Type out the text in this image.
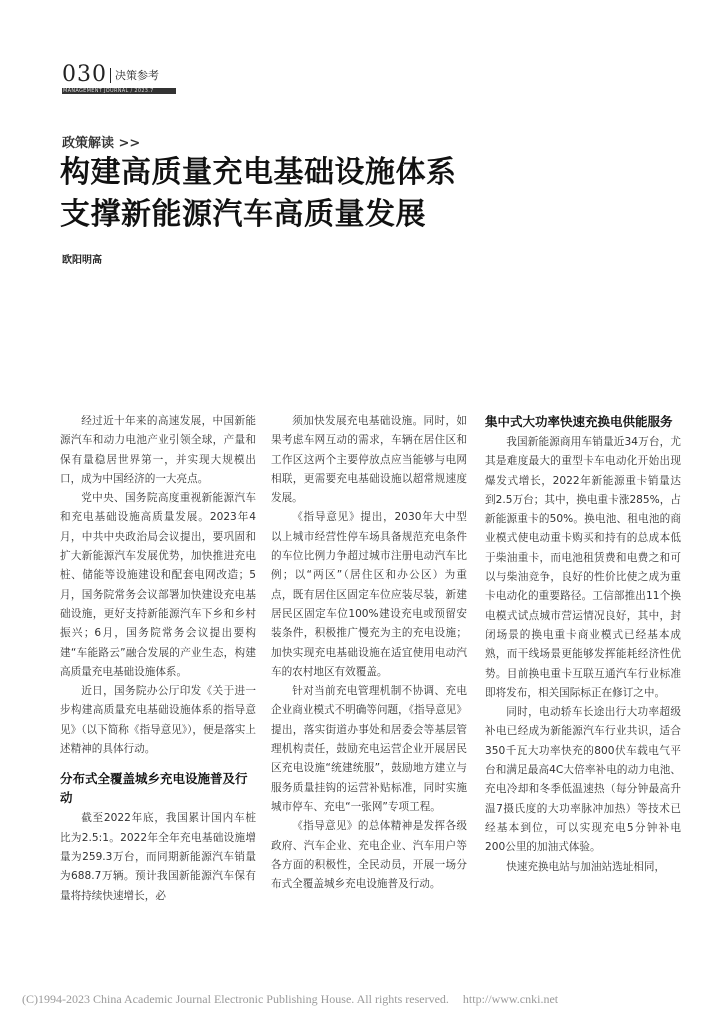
030 决策参考
MANAGEMENT JOURNAL / 2023.7
政策解读 >>
构建高质量充电基础设施体系
支撑新能源汽车高质量发展
欧阳明高

经过近十年来的高速发展，中国新能源汽车和动力电池产业引领全球，产量和保有量稳居世界第一，并实现大规模出口，成为中国经济的一大亮点。

党中央、国务院高度重视新能源汽车和充电基础设施高质量发展。2023年4月，中共中央政治局会议提出，要巩固和扩大新能源汽车发展优势，加快推进充电桩、储能等设施建设和配套电网改造；5月，国务院常务会议部署加快建设充电基础设施，更好支持新能源汽车下乡和乡村振兴；6月，国务院常务会议提出要构建“车能路云”融合发展的产业生态，构建高质量充电基础设施体系。

近日，国务院办公厅印发《关于进一步构建高质量充电基础设施体系的指导意见》（以下简称《指导意见》），便是落实上述精神的具体行动。

分布式全覆盖城乡充电设施普及行动

截至2022年底，我国累计国内车桩比为2.5:1。2022年全年充电基础设施增量为259.3万台，而同期新能源汽车销量为688.7万辆。预计我国新能源汽车保有量将持续快速增长，必

须加快发展充电基础设施。同时，如果考虑车网互动的需求，车辆在居住区和工作区这两个主要停放点应当能够与电网相联，更需要充电基础设施以超常规速度发展。

《指导意见》提出，2030年大中型以上城市经营性停车场具备规范充电条件的车位比例力争超过城市注册电动汽车比例；以“两区”（居住区和办公区）为重点，既有居住区固定车位应装尽装，新建居民区固定车位100%建设充电或预留安装条件，积极推广慢充为主的充电设施；加快实现充电基础设施在适宜使用电动汽车的农村地区有效覆盖。

针对当前充电管理机制不协调、充电企业商业模式不明确等问题，《指导意见》提出，落实街道办事处和居委会等基层管理机构责任，鼓励充电运营企业开展居民区充电设施“统建统服”，鼓励地方建立与服务质量挂钩的运营补贴标准，同时实施城市停车、充电“一张网”专项工程。

《指导意见》的总体精神是发挥各级政府、汽车企业、充电企业、汽车用户等各方面的积极性，全民动员，开展一场分布式全覆盖城乡充电设施普及行动。

集中式大功率快速充换电供能服务

我国新能源商用车销量近34万台，尤其是难度最大的重型卡车电动化开始出现爆发式增长，2022年新能源重卡销量达到2.5万台；其中，换电重卡涨285%，占新能源重卡的50%。换电池、租电池的商业模式使电动重卡购买和持有的总成本低于柴油重卡，而电池租赁费和电费之和可以与柴油竞争，良好的性价比使之成为重卡电动化的重要路径。工信部推出11个换电模式试点城市营运情况良好，其中，封闭场景的换电重卡商业模式已经基本成熟，而干线场景更能够发挥能耗经济性优势。目前换电重卡互联互通汽车行业标准即将发布，相关国际标正在修订之中。

同时，电动轿车长途出行大功率超级补电已经成为新能源汽车行业共识，适合350千瓦大功率快充的800伏车载电气平台和满足最高4C大倍率补电的动力电池、充电冷却和冬季低温速热（每分钟最高升温7摄氏度的大功率脉冲加热）等技术已经基本到位，可以实现充电5分钟补电200公里的加油式体验。

快速充换电站与加油站选址相同，

(C)1994-2023 China Academic Journal Electronic Publishing House. All rights reserved. http://www.cnki.net
